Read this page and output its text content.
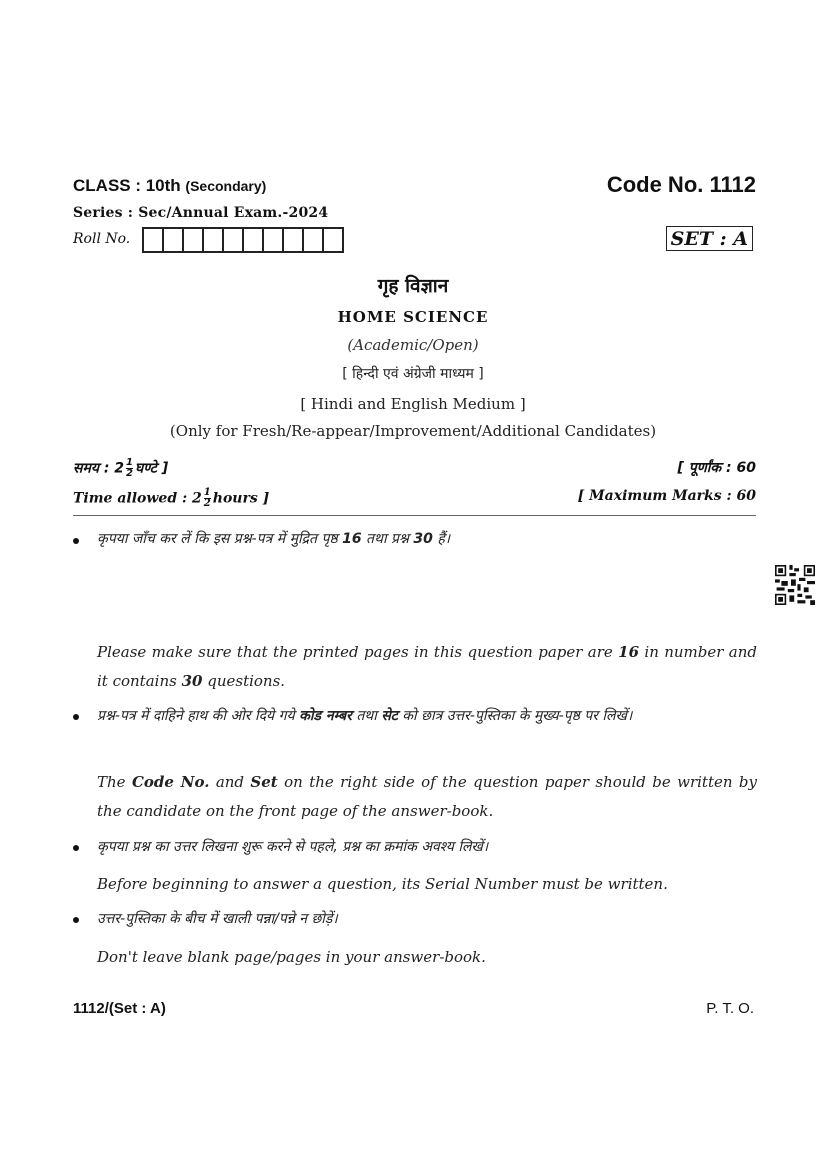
CLASS : 10th (Secondary)
Series : Sec/Annual Exam.-2024
Roll No.
Code No. 1112
SET : A
गृह विज्ञान
HOME SCIENCE
(Academic/Open)
[ हिन्दी एवं अंग्रेजी माध्यम ]
[ Hindi and English Medium ]
(Only for Fresh/Re-appear/Improvement/Additional Candidates)
समय : $2 \frac{1}{2}$ घण्टे ]
Time allowed : $2 \frac{1}{2}$ hours ]
[ पूर्णांक : 60
[ Maximum Marks : 60
कृपया जाँच कर लें कि इस प्रश्न-पत्र में मुद्रित पृष्ठ 16 तथा प्रश्न 30 हैं।
Please make sure that the printed pages in this question paper are 16 in number and it contains 30 questions.
प्रश्न-पत्र में दाहिने हाथ की ओर दिये गये कोड नम्बर तथा सेट को छात्र उत्तर-पुस्तिका के मुख्य-पृष्ठ पर लिखें।
The Code No. and Set on the right side of the question paper should be written by the candidate on the front page of the answer-book.
कृपया प्रश्न का उत्तर लिखना शुरू करने से पहले, प्रश्न का क्रमांक अवश्य लिखें।
Before beginning to answer a question, its Serial Number must be written.
उत्तर-पुस्तिका के बीच में खाली पन्ना/पन्ने न छोड़ें।
Don't leave blank page/pages in your answer-book.
1112/(Set : A)	P. T. O.
